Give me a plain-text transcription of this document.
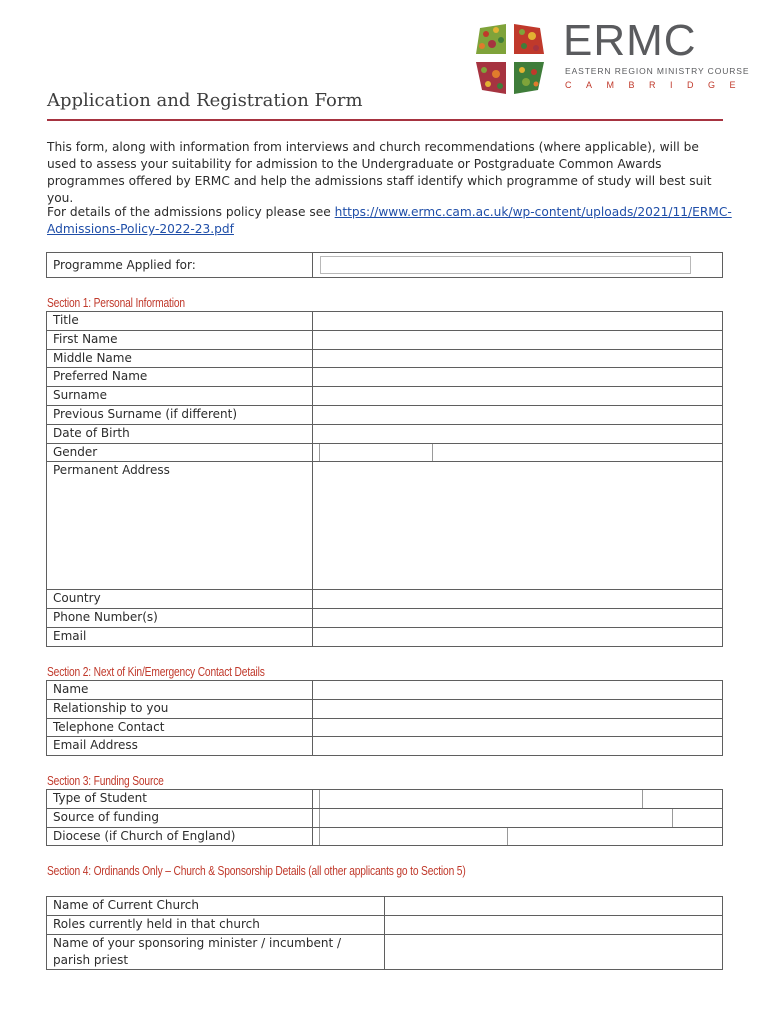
ERMC
EASTERN REGION MINISTRY COURSE
CAMBRIDGE
Application and Registration Form
This form, along with information from interviews and church recommendations (where applicable), will be used to assess your suitability for admission to the Undergraduate or Postgraduate Common Awards programmes offered by ERMC and help the admissions staff identify which programme of study will best suit you.
For details of the admissions policy please see https://www.ermc.cam.ac.uk/wp-content/uploads/2021/11/ERMC-Admissions-Policy-2022-23.pdf
Programme Applied for:	
Section 1: Personal Information
Title	
First Name	
Middle Name	
Preferred Name	
Surname	
Previous Surname (if different)	
Date of Birth	
Gender	

Permanent Address	
Country	
Phone Number(s)	
Email	
Section 2: Next of Kin/Emergency Contact Details
Name	
Relationship to you	
Telephone Contact	
Email Address	
Section 3: Funding Source
Type of Student	

Source of funding	

Diocese (if Church of England)	
Section 4: Ordinands Only – Church & Sponsorship Details (all other applicants go to Section 5)
Name of Current Church	
Roles currently held in that church	
Name of your sponsoring minister / incumbent / parish priest	
